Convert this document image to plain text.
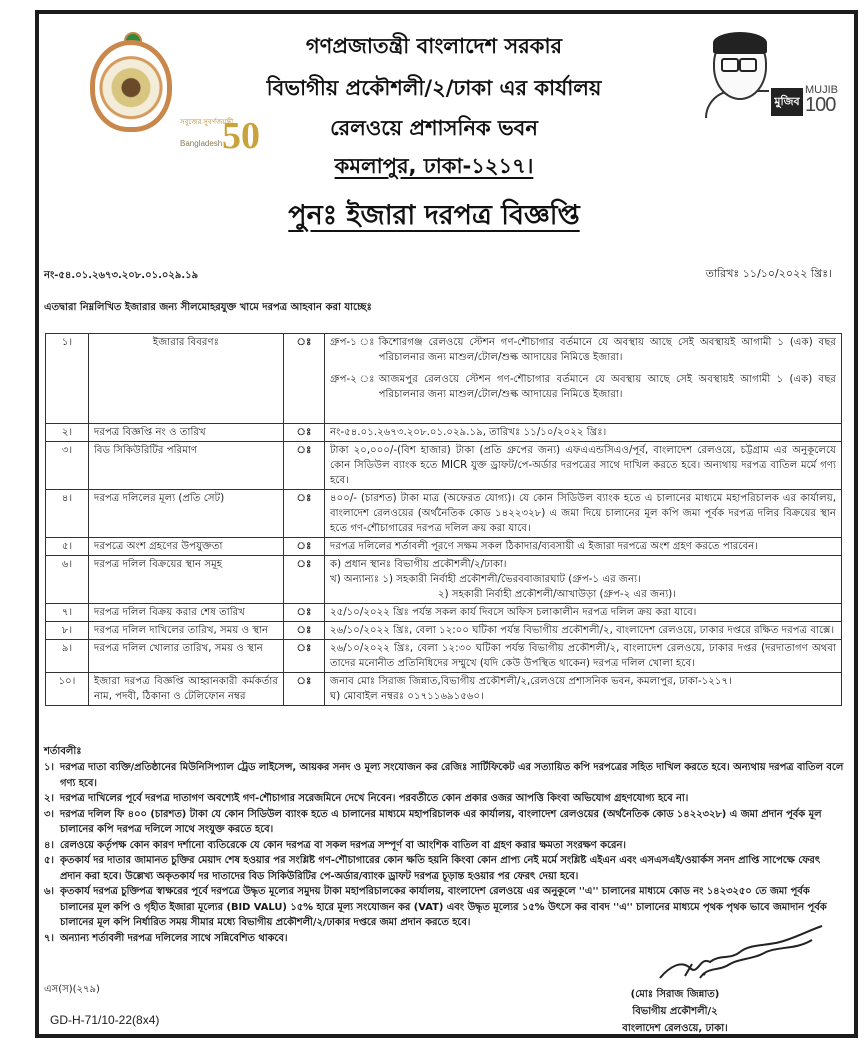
সবুজের সুবর্ণজয়ন্তী
Bangladesh 50
মুজিব
MUJIB
100
গণপ্রজাতন্ত্রী বাংলাদেশ সরকার
বিভাগীয় প্রকৌশলী/২/ঢাকা এর কার্যালয়
রেলওয়ে প্রশাসনিক ভবন
কমলাপুর, ঢাকা-১২১৭।
পুনঃ ইজারা দরপত্র বিজ্ঞপ্তি
নং-৫৪.০১.২৬৭৩.২০৮.০১.০২৯.১৯	তারিখঃ ১১/১০/২০২২ খ্রিঃ।
এতদ্বারা নিম্নলিখিত ইজারার জন্য সীলমোহরযুক্ত খামে দরপত্র আহবান করা যাচ্ছেঃ
১।	ইজারার বিবরণঃ	ঃ	গ্রুপ-১ ঃ কিশোরগঞ্জ রেলওয়ে স্টেশন গণ-শৌচাগার বর্তমানে যে অবস্থায় আছে সেই অবস্থায়ই আগামী ১ (এক) বছর পরিচালনার জন্য মাশুল/টোল/শুল্ক আদায়ের নিমিত্তে ইজারা।
গ্রুপ-২ ঃ আজমপুর রেলওয়ে স্টেশন গণ-শৌচাগার বর্তমানে যে অবস্থায় আছে সেই অবস্থায়ই আগামী ১ (এক) বছর পরিচালনার জন্য মাশুল/টোল/শুল্ক আদায়ের নিমিত্তে ইজারা।

২।	দরপত্র বিজ্ঞপ্তি নং ও তারিখ	ঃ	নং-৫৪.০১.২৬৭৩.২০৮.০১.০২৯.১৯, তারিখঃ ১১/১০/২০২২ খ্রিঃ।
৩।	বিড সিকিউরিটির পরিমাণ	ঃ	টাকা ২০,০০০/-(বিশ হাজার) টাকা (প্রতি গ্রুপের জন্য) এফএএন্ডসিএও/পূর্ব, বাংলাদেশ রেলওয়ে, চট্টগ্রাম এর অনুকূলেযে কোন সিডিউল ব্যাংক হতে MICR যুক্ত ড্রাফট/পে-অর্ডার দরপত্রের সাথে দাখিল করতে হবে। অন্যথায় দরপত্র বাতিল মর্মে গণ্য হবে।
৪।	দরপত্র দলিলের মূল্য (প্রতি সেট)	ঃ	৪০০/- (চারশত) টাকা মাত্র (অফেরত যোগ্য)। যে কোন সিডিউল ব্যাংক হতে এ চালানের মাধ্যমে মহাপরিচালক এর কার্যালয়, বাংলাদেশ রেলওয়ের (অর্থনৈতিক কোড ১৪২২৩২৮) এ জমা দিয়ে চালানের মূল কপি জমা পূর্বক দরপত্র দলির বিক্রয়ের স্থান হতে গণ-শৌচাগারের দরপত্র দলিল ক্রয় করা যাবে।
৫।	দরপত্রে অংশ গ্রহণের উপযুক্ততা	ঃ	দরপত্র দলিলের শর্তাবলী পূরণে সক্ষম সকল ঠিকাদার/ব্যবসায়ী এ ইজারা দরপত্রে অংশ গ্রহণ করতে পারবেন।
৬।	দরপত্র দলিল বিক্রয়ের স্থান সমূহ	ঃ	ক) প্রধান স্থানঃ বিভাগীয় প্রকৌশলী/২/ঢাকা।
খ) অন্যান্যঃ ১) সহকারী নির্বাহী প্রকৌশলী/ভৈরববাজারঘাট (গ্রুপ-১ এর জন্য।
২) সহকারী নির্বাহী প্রকৌশলী/আখাউড়া (গ্রুপ-২ এর জন্য)।

৭।	দরপত্র দলিল বিক্রয় করার শেষ তারিখ	ঃ	২৫/১০/২০২২ খ্রিঃ পর্যন্ত সকল কার্য দিবসে অফিস চলাকালীন দরপত্র দলিল ক্রয় করা যাবে।
৮।	দরপত্র দলিল দাখিলের তারিখ, সময় ও স্থান	ঃ	২৬/১০/২০২২ খ্রিঃ, বেলা ১২:০০ ঘটিকা পর্যন্ত বিভাগীয় প্রকৌশলী/২, বাংলাদেশ রেলওয়ে, ঢাকার দপ্তরে রক্ষিত দরপত্র বাক্সে।
৯।	দরপত্র দলিল খোলার তারিখ, সময় ও স্থান	ঃ	২৬/১০/২০২২ খ্রিঃ, বেলা ১২:৩০ ঘটিকা পর্যন্ত বিভাগীয় প্রকৌশলী/২, বাংলাদেশ রেলওয়ে, ঢাকার দপ্তর (দরদাতাগণ অথবা তাদের মনোনীত প্রতিনিধিদের সম্মুখে (যদি কেউ উপস্থিত থাকেন) দরপত্র দলিল খোলা হবে।
১০।	ইজারা দরপত্র বিজ্ঞপ্তি আহ্বানকারী কর্মকর্তার নাম, পদবী, ঠিকানা ও টেলিফোন নম্বর	ঃ	জনাব মোঃ সিরাজ জিন্নাত,বিভাগীয় প্রকৌশলী/২,রেলওয়ে প্রশাসনিক ভবন, কমলাপুর, ঢাকা-১২১৭।
ঘ) মোবাইল নম্বরঃ ০১৭১১৬৯১৫৬০।
শর্তাবলীঃ
১। দরপত্র দাতা ব্যক্তি/প্রতিষ্ঠানের মিউনিসিপ্যাল ট্রেড লাইসেন্স, আয়কর সনদ ও মূল্য সংযোজন কর রেজিঃ সার্টিফিকেট এর সত্যায়িত কপি দরপত্রের সহিত দাখিল করতে হবে। অন্যথায় দরপত্র বাতিল বলে গণ্য হবে।
২। দরপত্র দাখিলের পূর্বে দরপত্র দাতাগণ অবশ্যেই গণ-শৌচাগার সরেজমিনে দেখে নিবেন। পরবর্তীতে কোন প্রকার ওজর আপত্তি কিংবা অভিযোগ গ্রহণযোগ্য হবে না।
৩। দরপত্র দলিল ফি ৪০০ (চারশত) টাকা যে কোন সিডিউল ব্যাংক হতে এ চালানের মাধ্যমে মহাপরিচালক এর কার্যালয়, বাংলাদেশ রেলওয়ের (অর্থনৈতিক কোড ১৪২২৩২৮) এ জমা প্রদান পূর্বক মূল চালানের কপি দরপত্র দলিলে সাথে সংযুক্ত করতে হবে।
৪। রেলওয়ে কর্তৃপক্ষ কোন কারণ দর্শানো ব্যতিরেকে যে কোন দরপত্র বা সকল দরপত্র সম্পূর্ণ বা আংশিক বাতিল বা গ্রহণ করার ক্ষমতা সংরক্ষণ করেন।
৫। কৃতকার্য দর দাতার জামানত চুক্তির মেয়াদ শেষ হওয়ার পর সংশ্লিষ্ট গণ-শৌচাগারের কোন ক্ষতি হয়নি কিংবা কোন প্রাপ্য নেই মর্মে সংশ্লিষ্ট এইএন এবং এসএসএই/ওয়ার্কস সনদ প্রাপ্তি সাপেক্ষে ফেরৎ প্রদান করা হবে। উল্লেখ্য অকৃতকার্য দর দাতাদের বিড সিকিউরিটির পে-অর্ডার/ব্যাংক ড্রাফট দরপত্র চূড়ান্ত হওয়ার পর ফেরৎ দেয়া হবে।
৬। কৃতকার্য দরপত্র চুক্তিপত্র স্বাক্ষরের পূর্বে দরপত্রে উদ্ধৃত মূল্যের সমুদয় টাকা মহাপরিচালকের কার্যালয়, বাংলাদেশ রেলওয়ে এর অনুকূলে ''এ'' চালানের মাধ্যমে কোড নং ১৪২৩২৫০ তে জমা পূর্বক চালানের মূল কপি ও গৃহীত ইজারা মূল্যের (BID VALU) ১৫% হারে মূল্য সংযোজন কর (VAT) এবং উদ্ধৃত মূল্যের ১৫% উৎসে কর বাবদ ''এ'' চালানের মাধ্যমে পৃথক পৃথক ভাবে জমাদান পূর্বক চালানের মূল কপি নির্ধারিত সময় সীমার মধ্যে বিভাগীয় প্রকৌশলী/২/ঢাকার দপ্তরে জমা প্রদান করতে হবে।
৭। অন্যান্য শর্তাবলী দরপত্র দলিলের সাথে সন্নিবেশিত থাকবে।
এস(স)(২৭৯)
GD-H-71/10-22(8x4)
(মোঃ সিরাজ জিন্নাত)
বিভাগীয় প্রকৌশলী/২
বাংলাদেশ রেলওয়ে, ঢাকা।
